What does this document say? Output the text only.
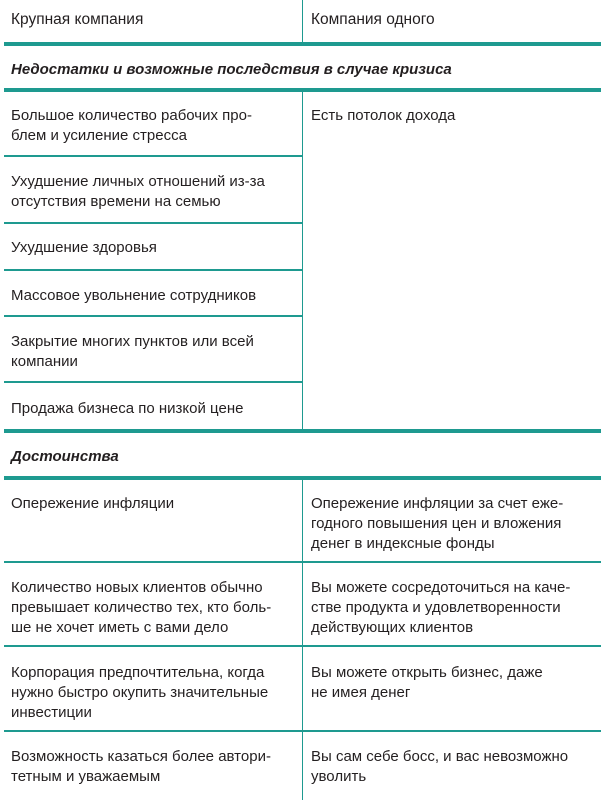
Крупная компания	Компания одного
Недостатки и возможные последствия в случае кризиса
Большое количество рабочих про-
блем и усиление стресса
Ухудшение личных отношений из-за
отсутствия времени на семью
Ухудшение здоровья
Массовое увольнение сотрудников
Закрытие многих пунктов или всей
компании
Продажа бизнеса по низкой цене
Есть потолок дохода
Достоинства
Опережение инфляции	Опережение инфляции за счет еже-
годного повышения цен и вложения
денег в индексные фонды
Количество новых клиентов обычно
превышает количество тех, кто боль-
ше не хочет иметь с вами дело
Вы можете сосредоточиться на каче-
стве продукта и удовлетворенности
действующих клиентов
Корпорация предпочтительна, когда
нужно быстро окупить значительные
инвестиции
Вы можете открыть бизнес, даже
не имея денег
Возможность казаться более автори-
тетным и уважаемым
Вы сам себе босс, и вас невозможно
уволить
